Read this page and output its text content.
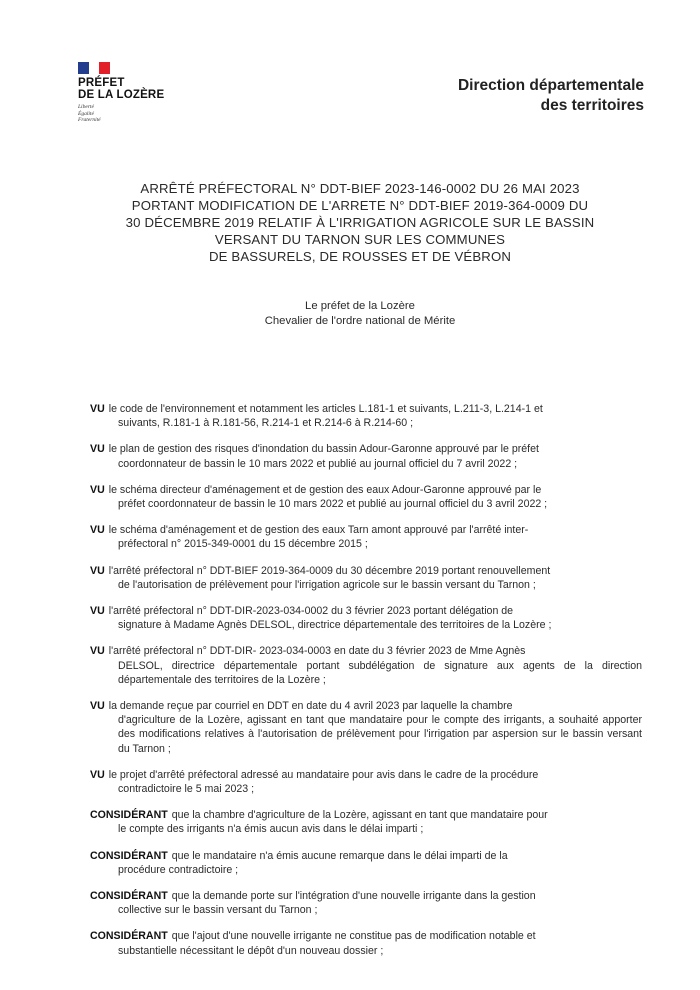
PRÉFET
DE LA LOZÈRE
Liberté
Égalité
Fraternité
Direction départementale
des territoires
ARRÊTÉ PRÉFECTORAL N° DDT-BIEF 2023-146-0002 DU 26 MAI 2023
PORTANT MODIFICATION DE L'ARRETE N° DDT-BIEF 2019-364-0009 DU
30 DÉCEMBRE 2019 RELATIF À L'IRRIGATION AGRICOLE SUR LE BASSIN
VERSANT DU TARNON SUR LES COMMUNES
DE BASSURELS, DE ROUSSES ET DE VÉBRON
Le préfet de la Lozère
Chevalier de l'ordre national de Mérite
VU le code de l'environnement et notamment les articles L.181-1 et suivants, L.211-3, L.214-1 et
suivants, R.181-1 à R.181-56, R.214-1 et R.214-6 à R.214-60 ;
VU le plan de gestion des risques d'inondation du bassin Adour-Garonne approuvé par le préfet
coordonnateur de bassin le 10 mars 2022 et publié au journal officiel du 7 avril 2022 ;
VU le schéma directeur d'aménagement et de gestion des eaux Adour-Garonne approuvé par le
préfet coordonnateur de bassin le 10 mars 2022 et publié au journal officiel du 3 avril 2022 ;
VU le schéma d'aménagement et de gestion des eaux Tarn amont approuvé par l'arrêté inter-
préfectoral n° 2015-349-0001 du 15 décembre 2015 ;
VU l'arrêté préfectoral n° DDT-BIEF 2019-364-0009 du 30 décembre 2019 portant renouvellement
de l'autorisation de prélèvement pour l'irrigation agricole sur le bassin versant du Tarnon ;
VU l'arrêté préfectoral n° DDT-DIR-2023-034-0002 du 3 février 2023 portant délégation de
signature à Madame Agnès DELSOL, directrice départementale des territoires de la Lozère ;
VU l'arrêté préfectoral n° DDT-DIR- 2023-034-0003 en date du 3 février 2023 de Mme Agnès
DELSOL, directrice départementale portant subdélégation de signature aux agents de la direction départementale des territoires de la Lozère ;
VU la demande reçue par courriel en DDT en date du 4 avril 2023 par laquelle la chambre
d'agriculture de la Lozère, agissant en tant que mandataire pour le compte des irrigants, a souhaité apporter des modifications relatives à l'autorisation de prélèvement pour l'irrigation par aspersion sur le bassin versant du Tarnon ;
VU le projet d'arrêté préfectoral adressé au mandataire pour avis dans le cadre de la procédure
contradictoire le 5 mai 2023 ;
CONSIDÉRANT que la chambre d'agriculture de la Lozère, agissant en tant que mandataire pour
le compte des irrigants n'a émis aucun avis dans le délai imparti ;
CONSIDÉRANT que le mandataire n'a émis aucune remarque dans le délai imparti de la
procédure contradictoire ;
CONSIDÉRANT que la demande porte sur l'intégration d'une nouvelle irrigante dans la gestion
collective sur le bassin versant du Tarnon ;
CONSIDÉRANT que l'ajout d'une nouvelle irrigante ne constitue pas de modification notable et
substantielle nécessitant le dépôt d'un nouveau dossier ;
